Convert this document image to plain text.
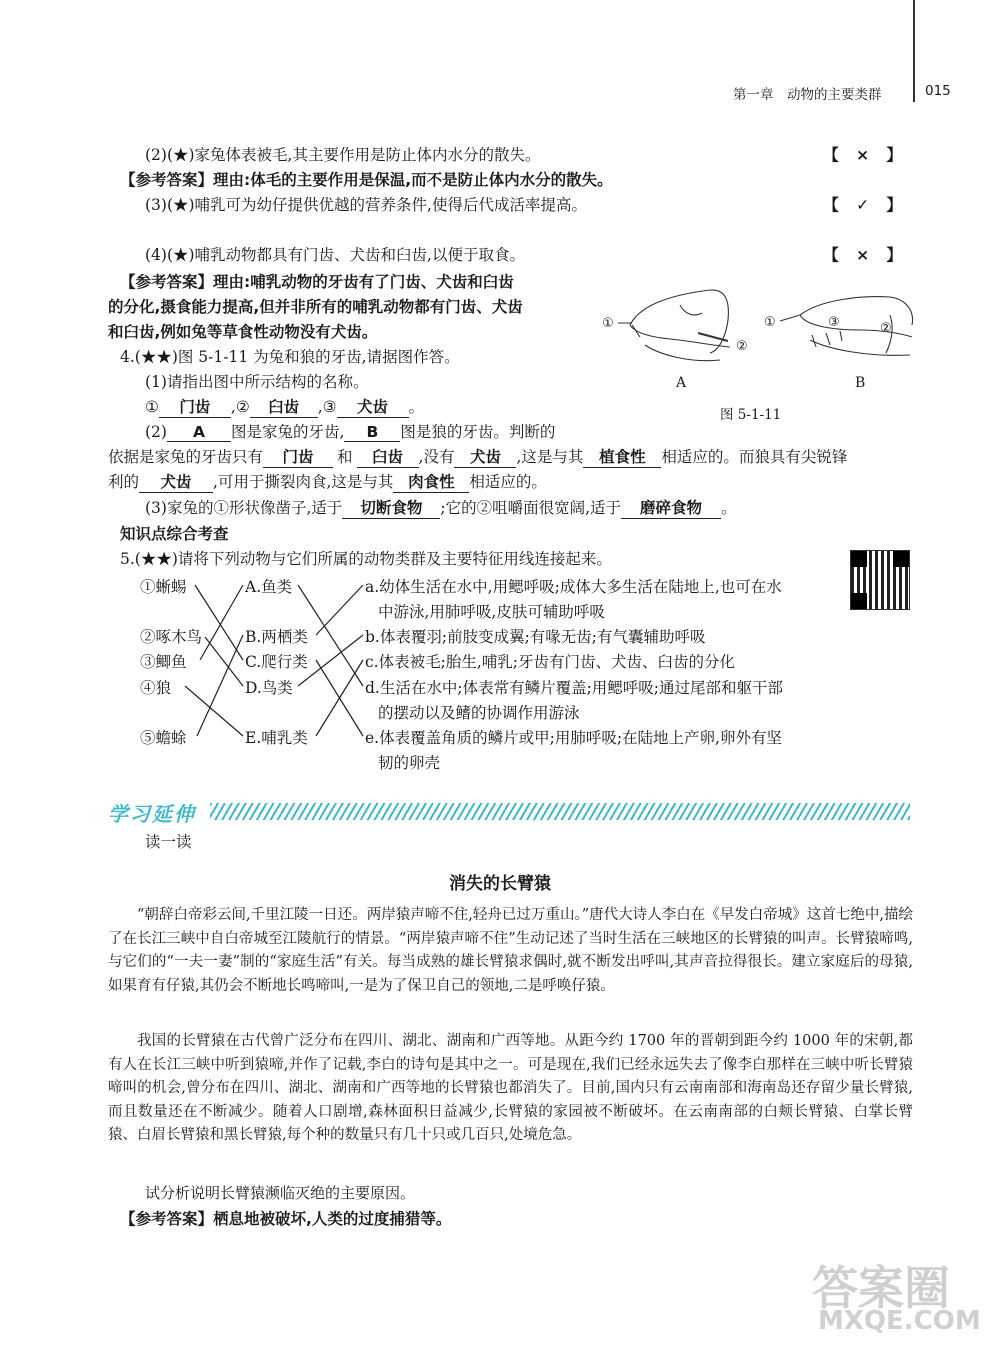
第一章　动物的主要类群	015
(2)(★)家兔体表被毛,其主要作用是防止体内水分的散失。	【 × 】
【参考答案】理由:体毛的主要作用是保温,而不是防止体内水分的散失。
(3)(★)哺乳可为幼仔提供优越的营养条件,使得后代成活率提高。	【 ✓ 】
(4)(★)哺乳动物都具有门齿、犬齿和臼齿,以便于取食。	【 × 】
【参考答案】理由:哺乳动物的牙齿有了门齿、犬齿和臼齿
的分化,摄食能力提高,但并非所有的哺乳动物都有门齿、犬齿
和臼齿,例如兔等草食性动物没有犬齿。
4.(★★)图 5-1-11 为兔和狼的牙齿,请据图作答。
(1)请指出图中所示结构的名称。
① 门齿 ,② 臼齿 ,③ 犬齿 。
(2) A 图是家兔的牙齿, B 图是狼的牙齿。判断的
依据是家兔的牙齿只有 门齿 和 臼齿 ,没有 犬齿 ,这是与其 植食性 相适应的。而狼具有尖锐锋
利的 犬齿 ,可用于撕裂肉食,这是与其 肉食性 相适应的。
(3)家兔的①形状像凿子,适于 切断食物 ;它的②咀嚼面很宽阔,适于 磨碎食物 。
①
②
①	③	②
A	B
图 5-1-11
知识点综合考查
5.(★★)请将下列动物与它们所属的动物类群及主要特征用线连接起来。
①蜥蜴
②啄木鸟
③鲫鱼
④狼
⑤蟾蜍
A.鱼类
B.两栖类
C.爬行类
D.鸟类
E.哺乳类
a.幼体生活在水中,用鳃呼吸;成体大多生活在陆地上,也可在水
中游泳,用肺呼吸,皮肤可辅助呼吸
b.体表覆羽;前肢变成翼;有喙无齿;有气囊辅助呼吸
c.体表被毛;胎生,哺乳;牙齿有门齿、犬齿、臼齿的分化
d.生活在水中;体表常有鳞片覆盖;用鳃呼吸;通过尾部和躯干部
的摆动以及鳍的协调作用游泳
e.体表覆盖角质的鳞片或甲;用肺呼吸;在陆地上产卵,卵外有坚
韧的卵壳
学习延伸
读一读
消失的长臂猿
“朝辞白帝彩云间,千里江陵一日还。两岸猿声啼不住,轻舟已过万重山。”唐代大诗人李白在《早发白帝城》这首七绝中,描绘了在长江三峡中自白帝城至江陵航行的情景。“两岸猿声啼不住”生动记述了当时生活在三峡地区的长臂猿的叫声。长臂猿啼鸣,与它们的“一夫一妻”制的“家庭生活”有关。每当成熟的雄长臂猿求偶时,就不断发出呼叫,其声音拉得很长。建立家庭后的母猿,如果育有仔猿,其仍会不断地长鸣啼叫,一是为了保卫自己的领地,二是呼唤仔猿。
我国的长臂猿在古代曾广泛分布在四川、湖北、湖南和广西等地。从距今约 1700 年的晋朝到距今约 1000 年的宋朝,都有人在长江三峡中听到猿啼,并作了记载,李白的诗句是其中之一。可是现在,我们已经永远失去了像李白那样在三峡中听长臂猿啼叫的机会,曾分布在四川、湖北、湖南和广西等地的长臂猿也都消失了。目前,国内只有云南南部和海南岛还存留少量长臂猿,而且数量还在不断减少。随着人口剧增,森林面积日益减少,长臂猿的家园被不断破坏。在云南南部的白颊长臂猿、白掌长臂猿、白眉长臂猿和黑长臂猿,每个种的数量只有几十只或几百只,处境危急。
试分析说明长臂猿濒临灭绝的主要原因。
【参考答案】栖息地被破坏,人类的过度捕猎等。
答案圈
MXQE.COM
